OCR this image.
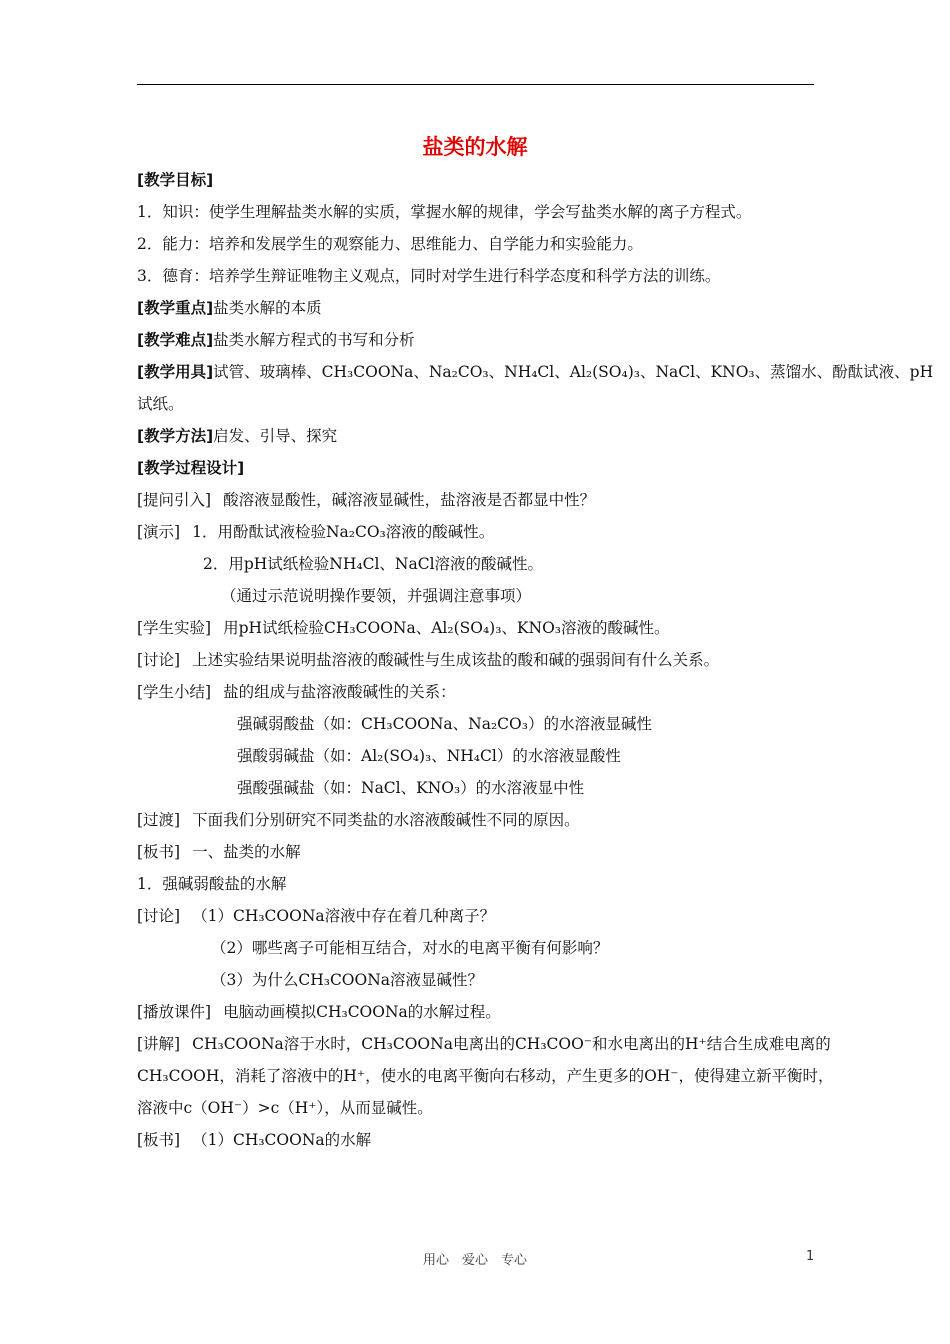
盐类的水解
[教学目标]
1．知识：使学生理解盐类水解的实质，掌握水解的规律，学会写盐类水解的离子方程式。
2．能力：培养和发展学生的观察能力、思维能力、自学能力和实验能力。
3．德育：培养学生辩证唯物主义观点，同时对学生进行科学态度和科学方法的训练。
[教学重点]盐类水解的本质
[教学难点]盐类水解方程式的书写和分析
[教学用具]试管、玻璃棒、CH₃COONa、Na₂CO₃、NH₄Cl、Al₂(SO₄)₃、NaCl、KNO₃、蒸馏水、酚酞试液、pH
试纸。
[教学方法]启发、引导、探究
[教学过程设计]
[提问引入] 酸溶液显酸性，碱溶液显碱性，盐溶液是否都显中性？
[演示] 1．用酚酞试液检验Na₂CO₃溶液的酸碱性。
2．用pH试纸检验NH₄Cl、NaCl溶液的酸碱性。
（通过示范说明操作要领，并强调注意事项）
[学生实验] 用pH试纸检验CH₃COONa、Al₂(SO₄)₃、KNO₃溶液的酸碱性。
[讨论] 上述实验结果说明盐溶液的酸碱性与生成该盐的酸和碱的强弱间有什么关系。
[学生小结] 盐的组成与盐溶液酸碱性的关系：
强碱弱酸盐（如：CH₃COONa、Na₂CO₃）的水溶液显碱性
强酸弱碱盐（如：Al₂(SO₄)₃、NH₄Cl）的水溶液显酸性
强酸强碱盐（如：NaCl、KNO₃）的水溶液显中性
[过渡] 下面我们分别研究不同类盐的水溶液酸碱性不同的原因。
[板书] 一、盐类的水解
1．强碱弱酸盐的水解
[讨论] （1）CH₃COONa溶液中存在着几种离子？
（2）哪些离子可能相互结合，对水的电离平衡有何影响？
（3）为什么CH₃COONa溶液显碱性？
[播放课件] 电脑动画模拟CH₃COONa的水解过程。
[讲解] CH₃COONa溶于水时，CH₃COONa电离出的CH₃COO⁻和水电离出的H⁺结合生成难电离的
CH₃COOH，消耗了溶液中的H⁺，使水的电离平衡向右移动，产生更多的OH⁻，使得建立新平衡时，
溶液中c（OH⁻）>c（H⁺），从而显碱性。
[板书] （1）CH₃COONa的水解
用心　爱心　专心	1
